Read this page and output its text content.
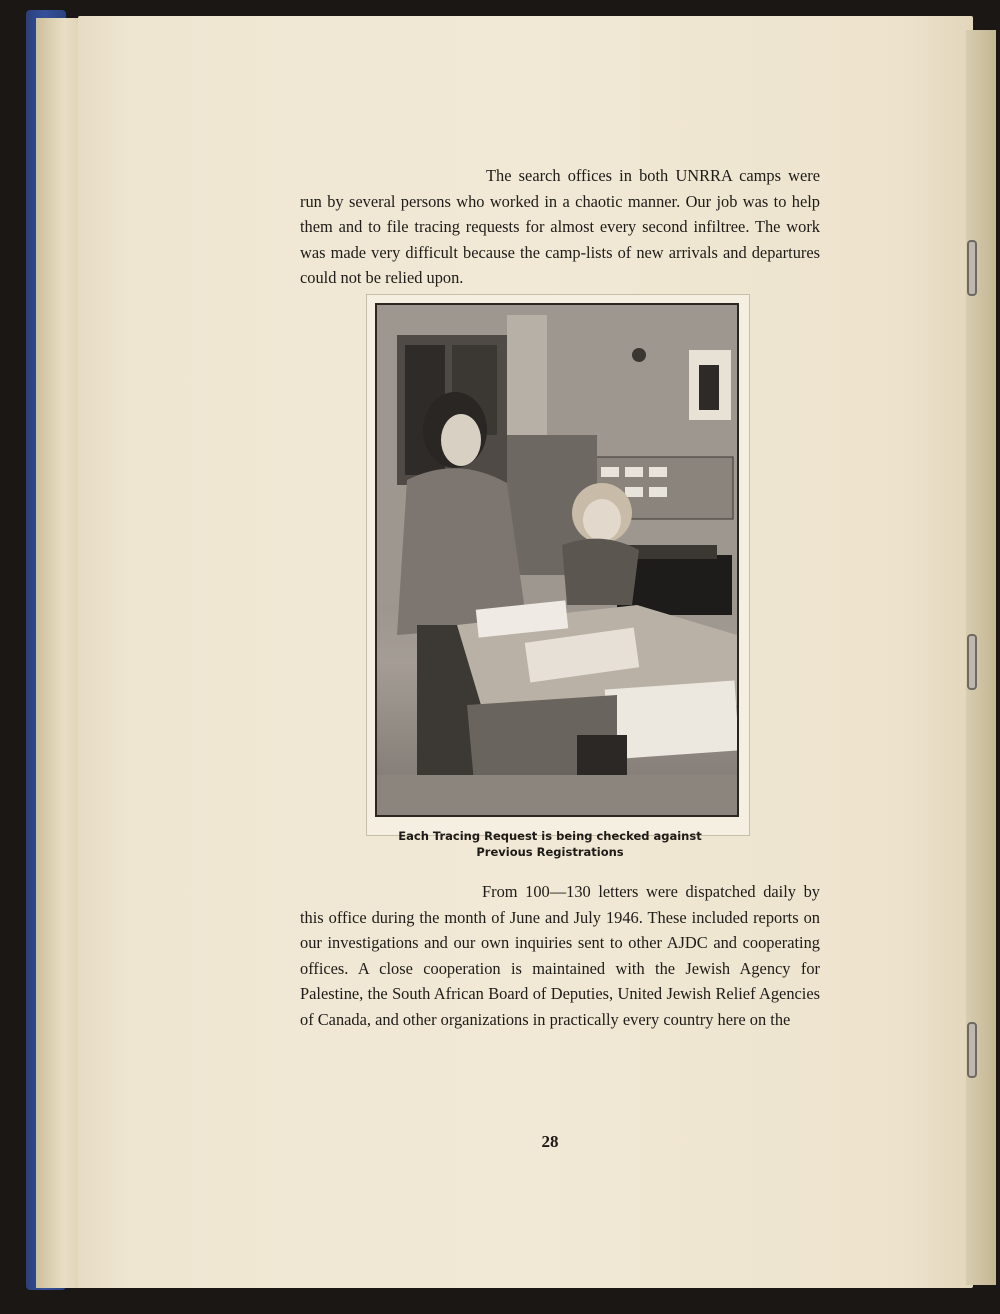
The search offices in both UNRRA camps were run by several persons who worked in a chaotic manner. Our job was to help them and to file tracing requests for almost every second infiltree. The work was made very difficult because the camp-lists of new arrivals and departures could not be relied upon.

Each Tracing Request is being checked against
Previous Registrations

From 100—130 letters were dispatched daily by this office during the month of June and July 1946. These included reports on our investigations and our own inquiries sent to other AJDC and cooperating offices. A close cooperation is maintained with the Jewish Agency for Palestine, the South African Board of Deputies, United Jewish Relief Agencies of Canada, and other organizations in practically every country here on the

28
